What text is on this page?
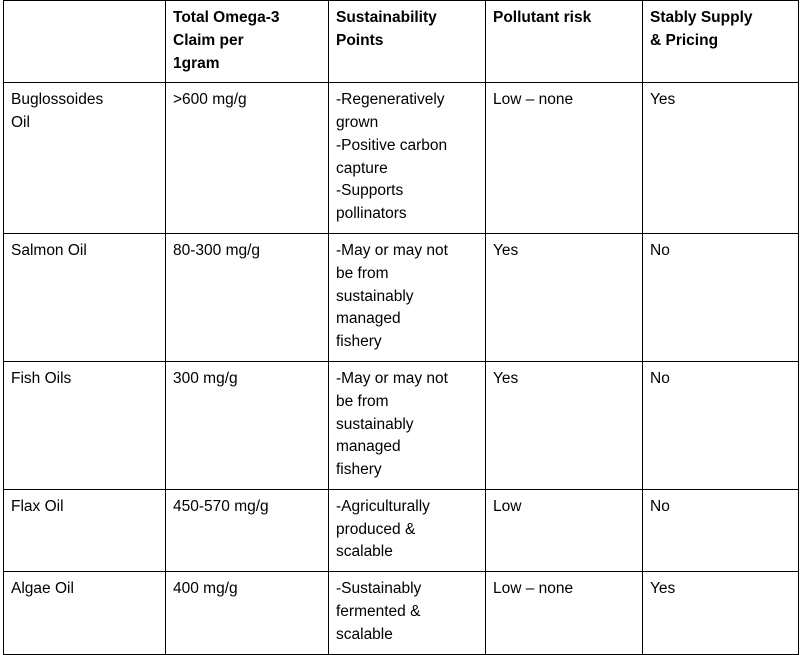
	Total Omega-3
Claim per
1gram	Sustainability
Points	Pollutant risk	Stably Supply
& Pricing

Buglossoides
Oil
	>600 mg/g	-Regeneratively
grown
-Positive carbon
capture
-Supports
pollinators
	Low – none	Yes

Salmon Oil	80-300 mg/g	-May or may not
be from
sustainably
managed
fishery	Yes	No

Fish Oils	300 mg/g	-May or may not
be from
sustainably
managed
fishery	Yes	No

Flax Oil	450-570 mg/g	-Agriculturally
produced &
scalable	Low	No

Algae Oil	400 mg/g	-Sustainably
fermented &
scalable	Low – none	Yes
